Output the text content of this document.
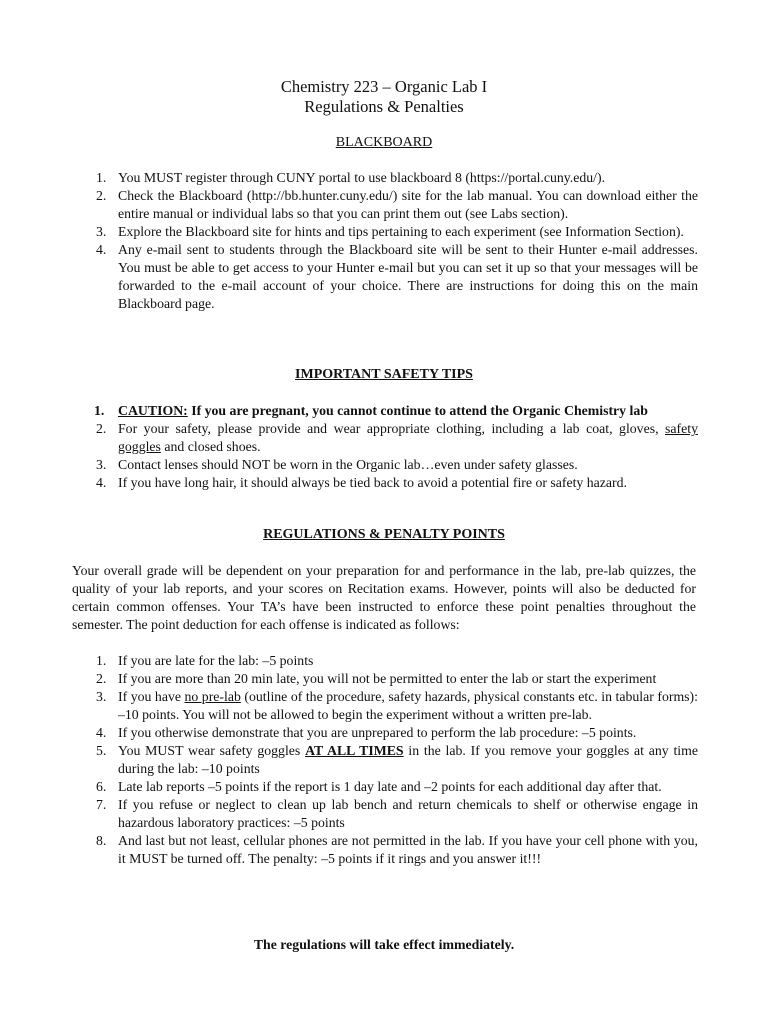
Chemistry 223 – Organic Lab I
Regulations & Penalties
BLACKBOARD
1. You MUST register through CUNY portal to use blackboard 8 (https://portal.cuny.edu/).
2. Check the Blackboard (http://bb.hunter.cuny.edu/) site for the lab manual. You can download either the entire manual or individual labs so that you can print them out (see Labs section).
3. Explore the Blackboard site for hints and tips pertaining to each experiment (see Information Section).
4. Any e-mail sent to students through the Blackboard site will be sent to their Hunter e-mail addresses. You must be able to get access to your Hunter e-mail but you can set it up so that your messages will be forwarded to the e-mail account of your choice. There are instructions for doing this on the main Blackboard page.
IMPORTANT SAFETY TIPS
1. CAUTION: If you are pregnant, you cannot continue to attend the Organic Chemistry lab
2. For your safety, please provide and wear appropriate clothing, including a lab coat, gloves, safety goggles and closed shoes.
3. Contact lenses should NOT be worn in the Organic lab…even under safety glasses.
4. If you have long hair, it should always be tied back to avoid a potential fire or safety hazard.
REGULATIONS & PENALTY POINTS

Your overall grade will be dependent on your preparation for and performance in the lab, pre-lab quizzes, the quality of your lab reports, and your scores on Recitation exams. However, points will also be deducted for certain common offenses. Your TA’s have been instructed to enforce these point penalties throughout the semester. The point deduction for each offense is indicated as follows:

1. If you are late for the lab: –5 points
2. If you are more than 20 min late, you will not be permitted to enter the lab or start the experiment
3. If you have no pre-lab (outline of the procedure, safety hazards, physical constants etc. in tabular forms): –10 points. You will not be allowed to begin the experiment without a written pre-lab.
4. If you otherwise demonstrate that you are unprepared to perform the lab procedure: –5 points.
5. You MUST wear safety goggles AT ALL TIMES in the lab. If you remove your goggles at any time during the lab: –10 points
6. Late lab reports –5 points if the report is 1 day late and –2 points for each additional day after that.
7. If you refuse or neglect to clean up lab bench and return chemicals to shelf or otherwise engage in hazardous laboratory practices: –5 points
8. And last but not least, cellular phones are not permitted in the lab. If you have your cell phone with you, it MUST be turned off. The penalty: –5 points if it rings and you answer it!!!
The regulations will take effect immediately.
